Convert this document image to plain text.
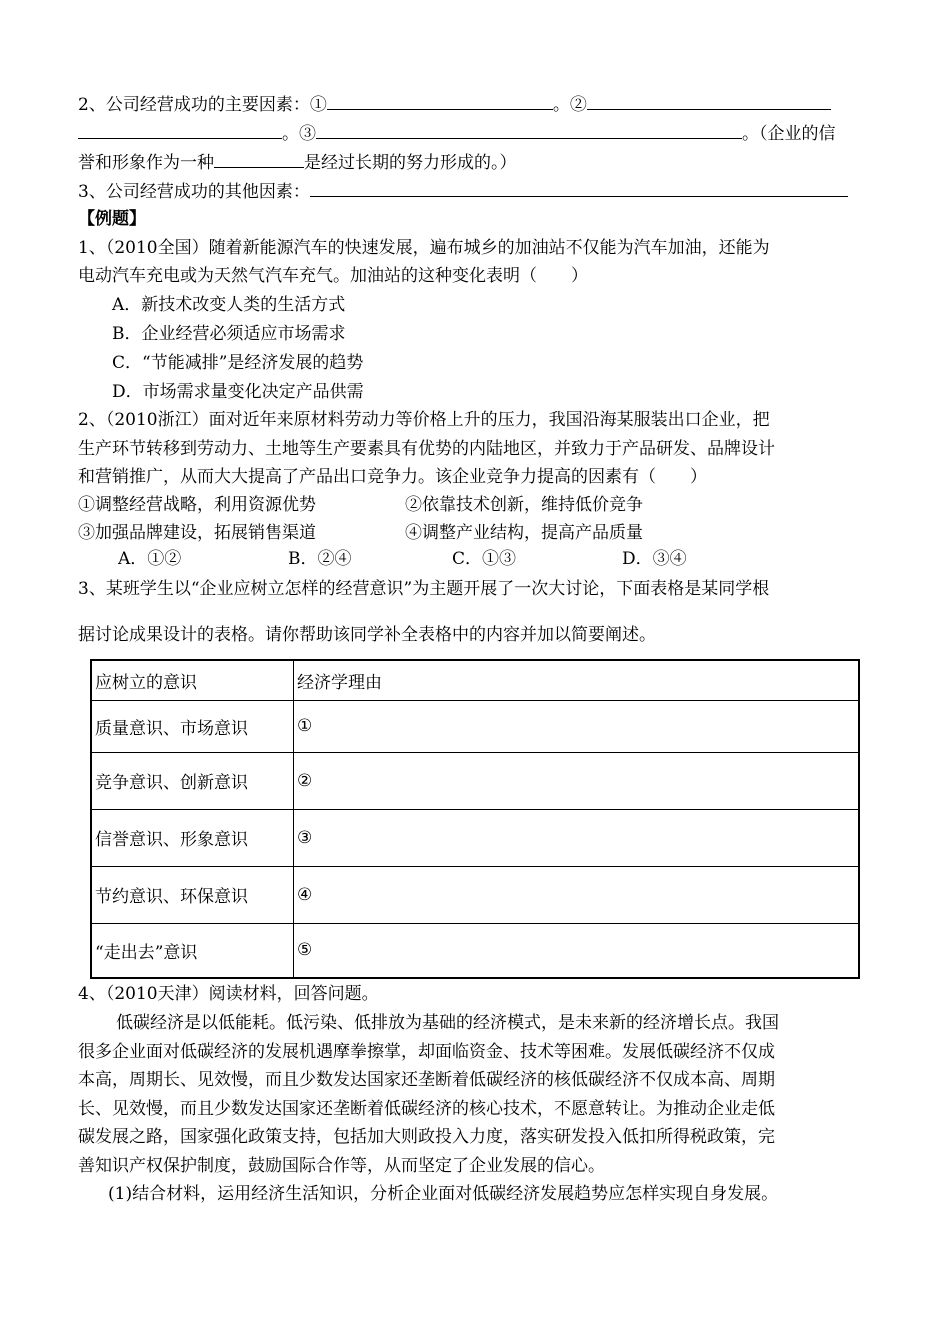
2、公司经营成功的主要因素：①	。②
。③	。（企业的信
誉和形象作为一种	是经过长期的努力形成的。）
3、公司经营成功的其他因素：
【例题】
1、（2010全国）随着新能源汽车的快速发展，遍布城乡的加油站不仅能为汽车加油，还能为
电动汽车充电或为天然气汽车充气。加油站的这种变化表明（　　）
A．新技术改变人类的生活方式
B．企业经营必须适应市场需求
C．“节能减排”是经济发展的趋势
D．市场需求量变化决定产品供需
2、（2010浙江）面对近年来原材料劳动力等价格上升的压力，我国沿海某服装出口企业，把
生产环节转移到劳动力、土地等生产要素具有优势的内陆地区，并致力于产品研发、品牌设计
和营销推广，从而大大提高了产品出口竞争力。该企业竞争力提高的因素有（　　）
①调整经营战略，利用资源优势	②依靠技术创新，维持低价竞争
③加强品牌建设，拓展销售渠道	④调整产业结构，提高产品质量
A．①②	B．②④	C．①③	D．③④
3、某班学生以“企业应树立怎样的经营意识”为主题开展了一次大讨论，下面表格是某同学根
据讨论成果设计的表格。请你帮助该同学补全表格中的内容并加以简要阐述。
应树立的意识	经济学理由
质量意识、市场意识	①
竞争意识、创新意识	②
信誉意识、形象意识	③
节约意识、环保意识	④
“走出去”意识	⑤
4、（2010天津）阅读材料，回答问题。
低碳经济是以低能耗。低污染、低排放为基础的经济模式，是未来新的经济增长点。我国
很多企业面对低碳经济的发展机遇摩拳擦掌，却面临资金、技术等困难。发展低碳经济不仅成
本高，周期长、见效慢，而且少数发达国家还垄断着低碳经济的核低碳经济不仅成本高、周期
长、见效慢，而且少数发达国家还垄断着低碳经济的核心技术，不愿意转让。为推动企业走低
碳发展之路，国家强化政策支持，包括加大则政投入力度，落实研发投入低扣所得税政策，完
善知识产权保护制度，鼓励国际合作等，从而坚定了企业发展的信心。
(1)结合材料，运用经济生活知识，分析企业面对低碳经济发展趋势应怎样实现自身发展。
